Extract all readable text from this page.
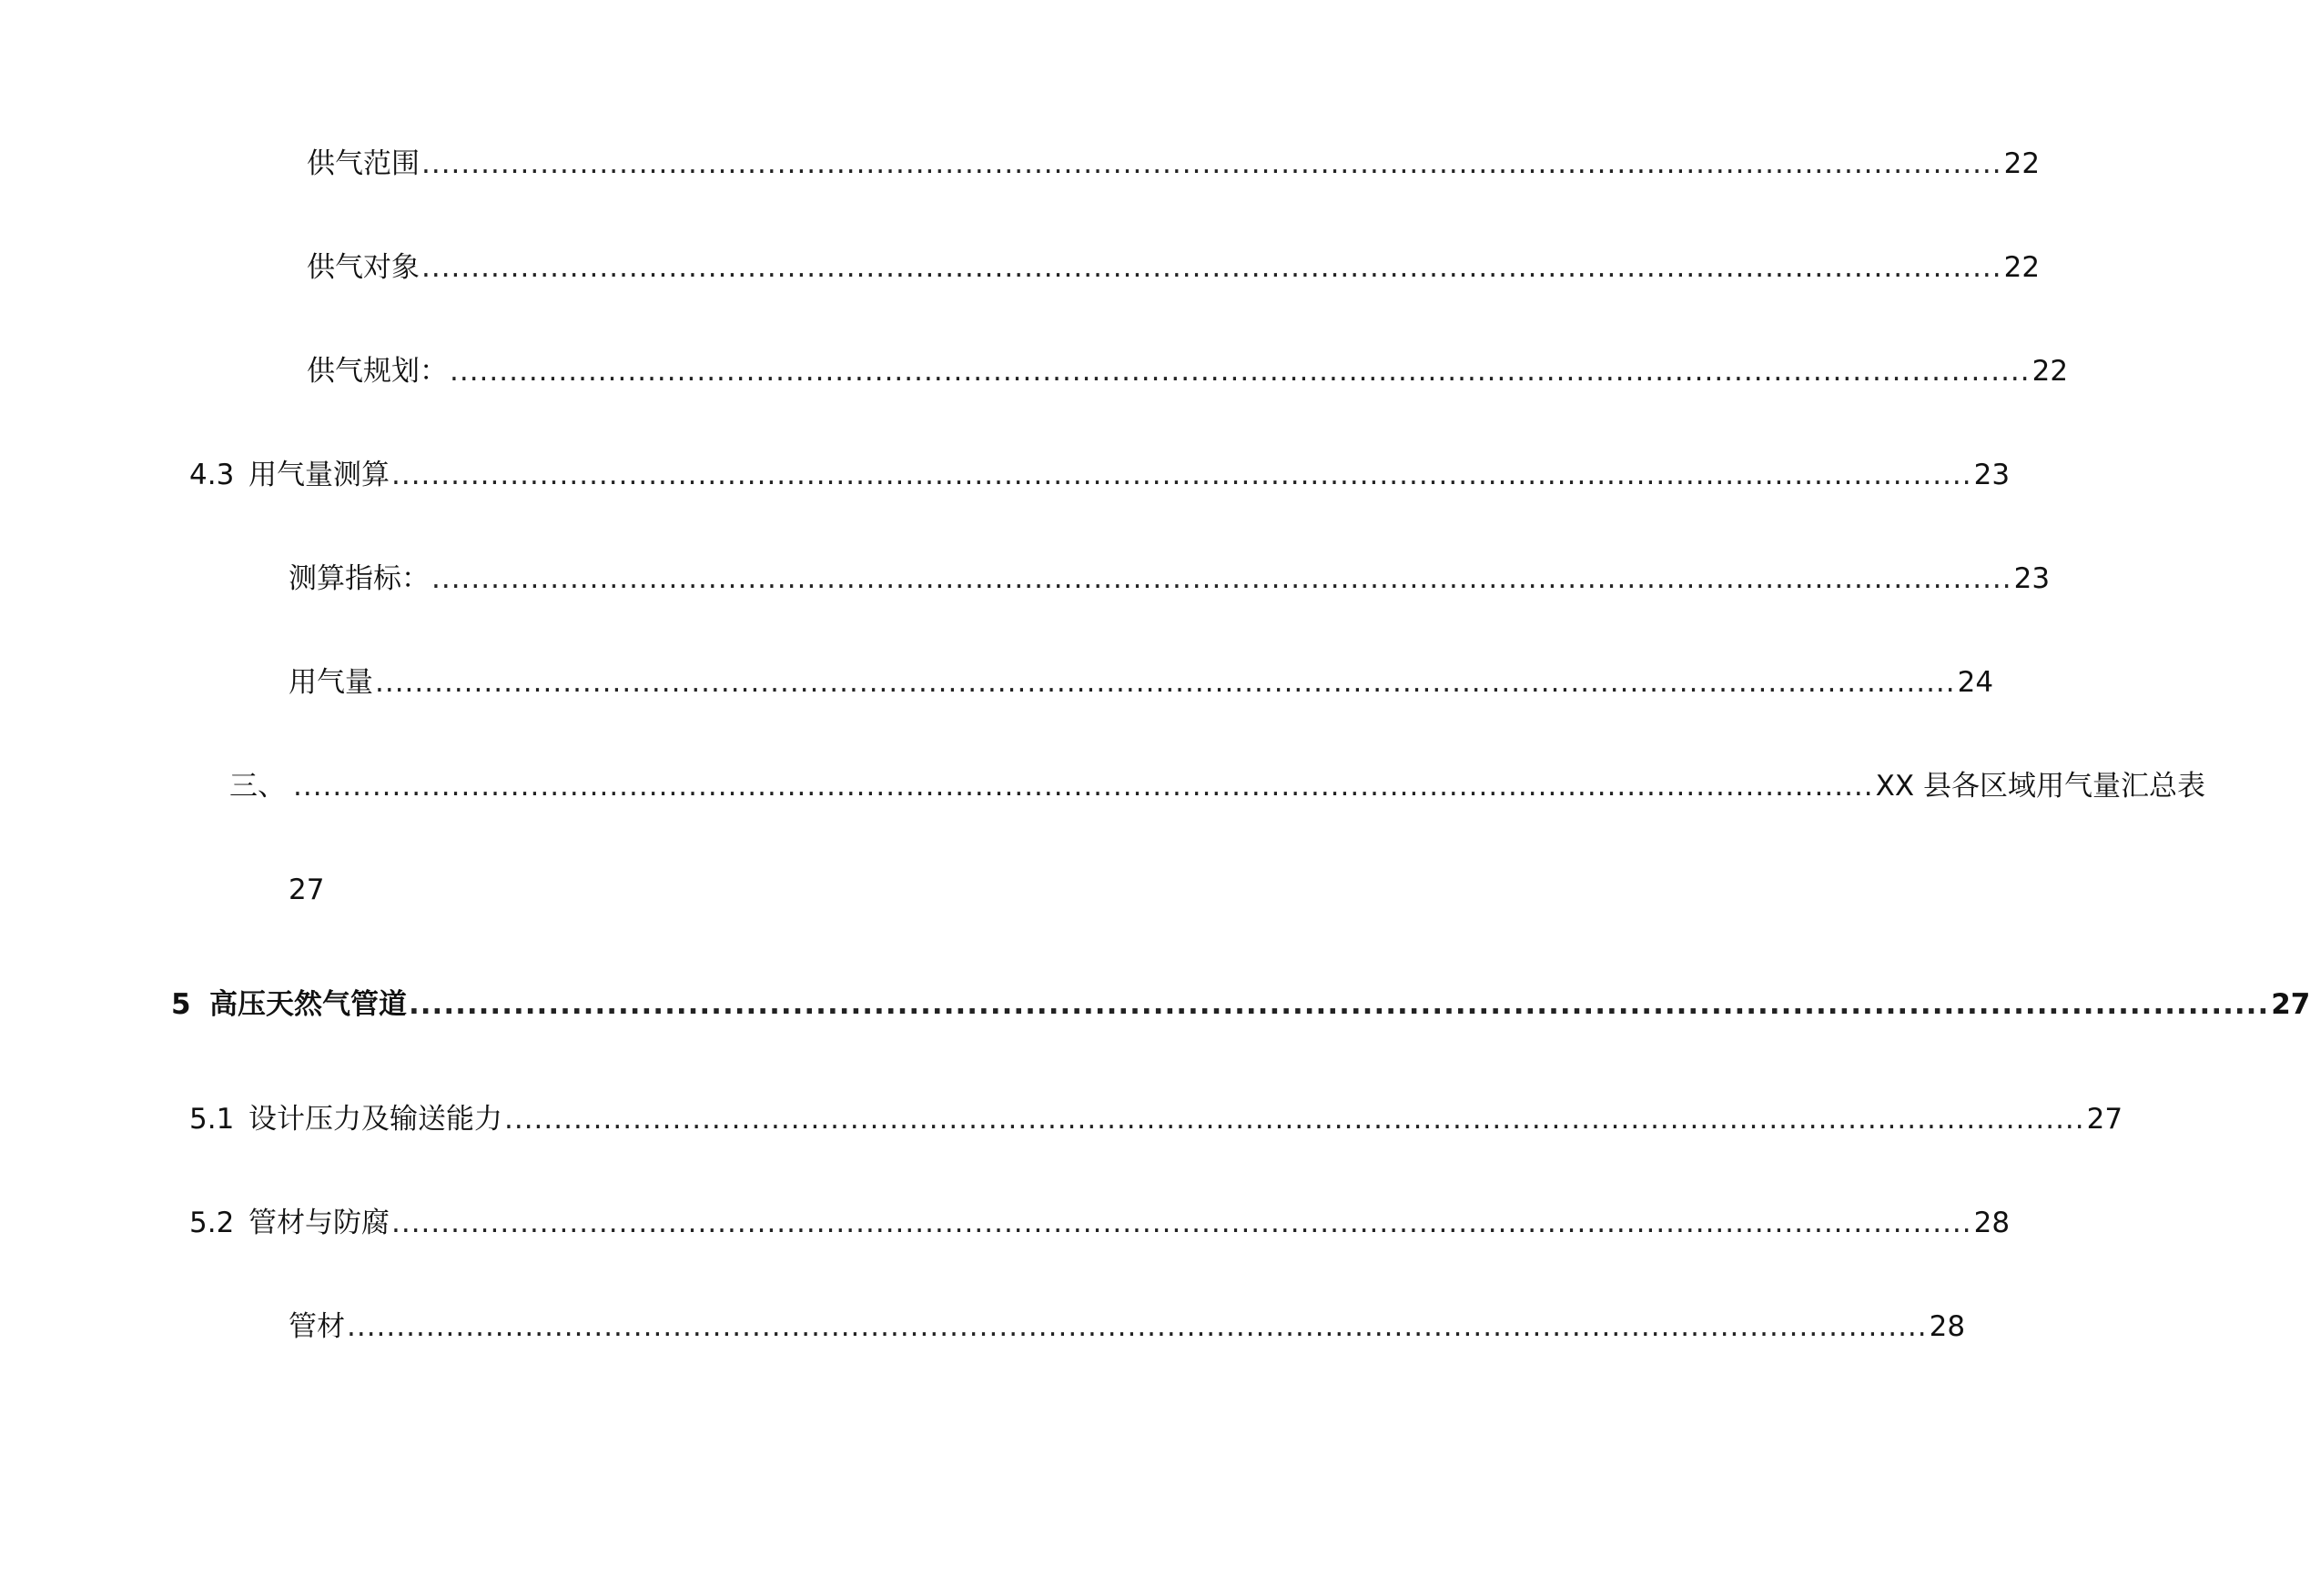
供气范围 ................................................................................................................................................................ 22
供气对象 ................................................................................................................................................................ 22
供气规划： ................................................................................................................................................................ 22
4.3 用气量测算 ................................................................................................................................................................ 23
测算指标： ................................................................................................................................................................ 23
用气量 ................................................................................................................................................................ 24
三、 ................................................................................................................................................................ XX 县各区域用气量汇总表
27
5 高压天然气管道 ................................................................................................................................................................ 27
5.1 设计压力及输送能力 ................................................................................................................................................................ 27
5.2 管材与防腐 ................................................................................................................................................................ 28
管材 ................................................................................................................................................................ 28
